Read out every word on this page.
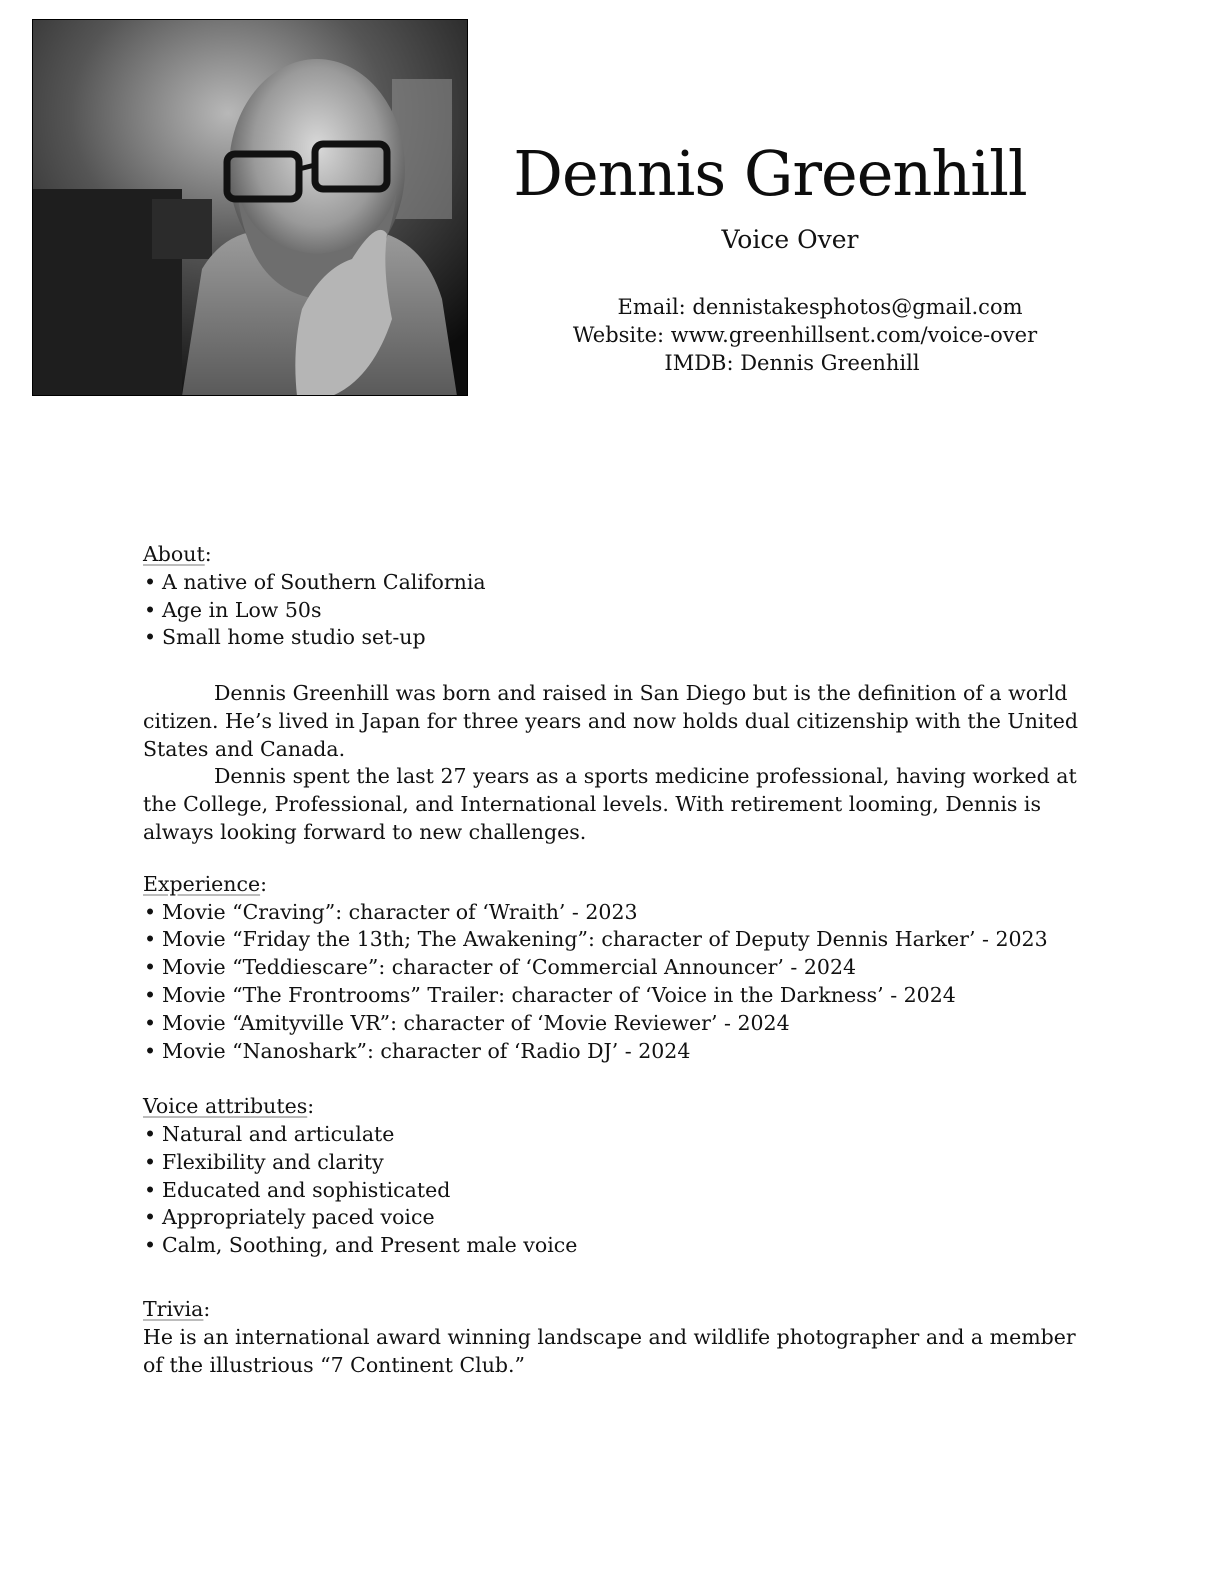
Dennis Greenhill
Voice Over
Email: dennistakesphotos@gmail.com
Website: www.greenhillsent.com/voice-over
IMDB: Dennis Greenhill
About:
• A native of Southern California
• Age in Low 50s
• Small home studio set-up

Dennis Greenhill was born and raised in San Diego but is the definition of a world citizen. He’s lived in Japan for three years and now holds dual citizenship with the United States and Canada.

Dennis spent the last 27 years as a sports medicine professional, having worked at the College, Professional, and International levels. With retirement looming, Dennis is always looking forward to new challenges.

Experience:
• Movie “Craving”: character of ‘Wraith’ - 2023
• Movie “Friday the 13th; The Awakening”: character of Deputy Dennis Harker’ - 2023
• Movie “Teddiescare”: character of ‘Commercial Announcer’ - 2024
• Movie “The Frontrooms” Trailer: character of ‘Voice in the Darkness’ - 2024
• Movie “Amityville VR”: character of ‘Movie Reviewer’ - 2024
• Movie “Nanoshark”: character of ‘Radio DJ’ - 2024
Voice attributes:
• Natural and articulate
• Flexibility and clarity
• Educated and sophisticated
• Appropriately paced voice
• Calm, Soothing, and Present male voice
Trivia:

He is an international award winning landscape and wildlife photographer and a member of the illustrious “7 Continent Club.”
